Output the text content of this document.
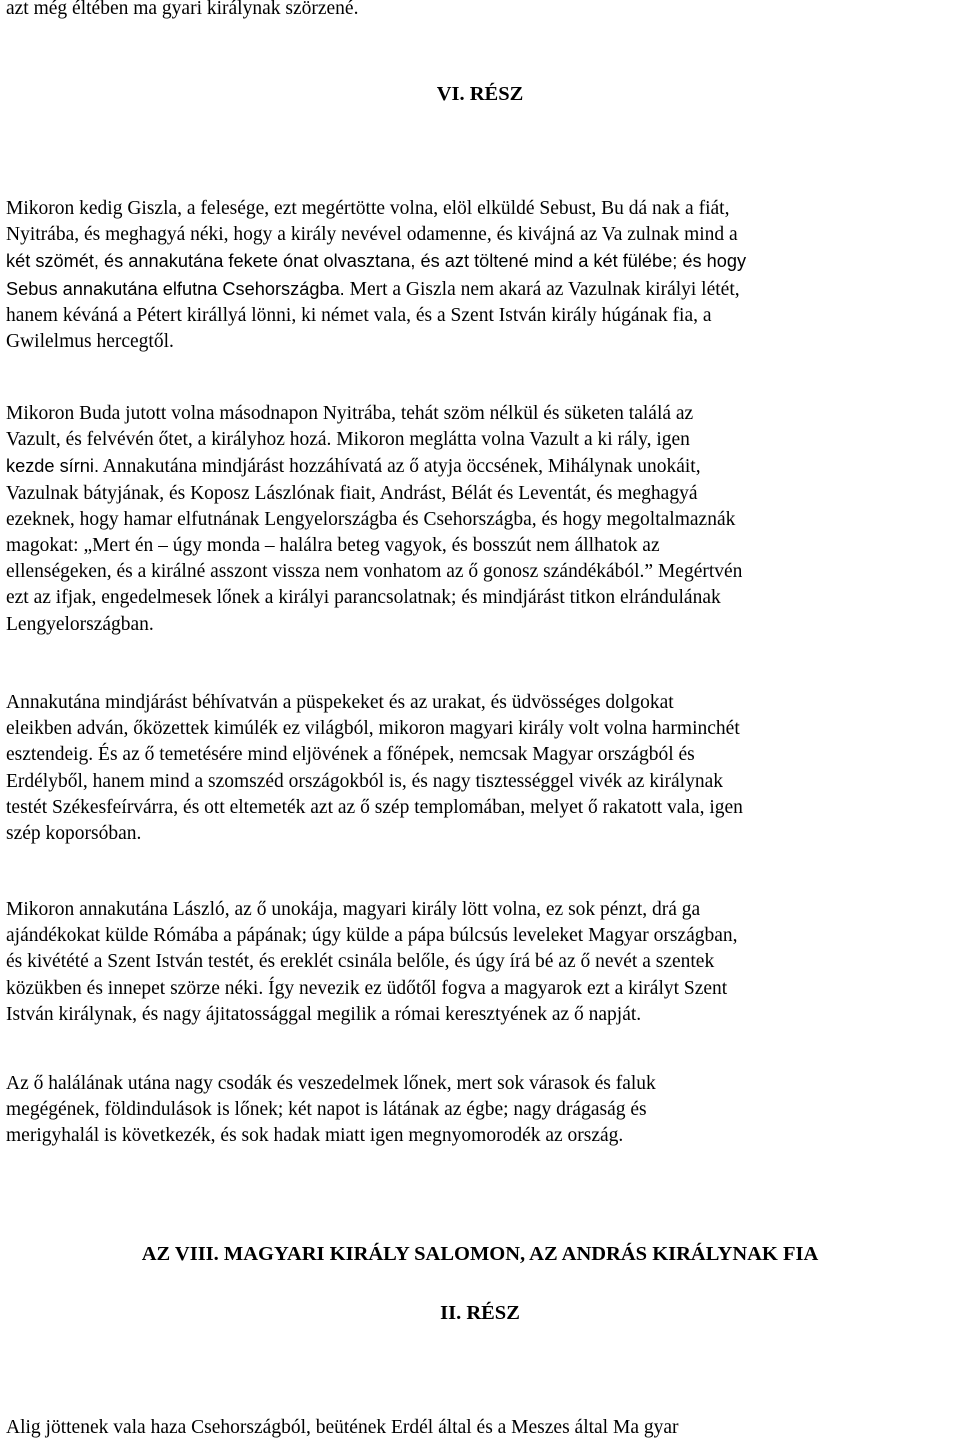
azt még éltében ma gyari királynak szörzené.

VI. RÉSZ
Mikoron kedig Giszla, a felesége, ezt megértötte volna, elöl elküldé Sebust, Bu dá nak a fiát,
Nyitrába, és meghagyá néki, hogy a király nevével odamenne, és kivájná az Va zulnak mind a
két szömét, és annakutána fekete ónat olvasztana, és azt töltené mind a két fülébe; és hogy
Sebus annakutána elfutna Csehországba. Mert a Giszla nem akará az Vazulnak királyi létét,
hanem kéváná a Pétert királlyá lönni, ki német vala, és a Szent István király húgának fia, a
Gwilelmus hercegtől.
Mikoron Buda jutott volna másodnapon Nyitrába, tehát szöm nélkül és süketen találá az
Vazult, és felvévén őtet, a királyhoz hozá. Mikoron meglátta volna Vazult a ki rály, igen
kezde sírni. Annakutána mindjárást hozzáhívatá az ő atyja öccsének, Mihálynak unokáit,
Vazulnak bátyjának, és Koposz Lászlónak fiait, Andrást, Bélát és Leventát, és meghagyá
ezeknek, hogy hamar elfutnának Lengyelországba és Csehországba, és hogy megoltalmaznák
magokat: „Mert én – úgy monda – halálra beteg vagyok, és bosszút nem állhatok az
ellenségeken, és a királné asszont vissza nem vonhatom az ő gonosz szándékából.” Megértvén
ezt az ifjak, engedelmesek lőnek a királyi parancsolatnak; és mindjárást titkon elrándulának
Lengyelországban.
Annakutána mindjárást béhívatván a püspekeket és az urakat, és üdvösséges dolgokat
eleikben adván, őközettek kimúlék ez világból, mikoron magyari király volt volna harminchét
esztendeig. És az ő temetésére mind eljövének a főnépek, nemcsak Magyar országból és
Erdélyből, hanem mind a szomszéd országokból is, és nagy tisztességgel vivék az királynak
testét Székesfeírvárra, és ott eltemeték azt az ő szép templomában, melyet ő rakatott vala, igen
szép koporsóban.
Mikoron annakutána László, az ő unokája, magyari király lött volna, ez sok pénzt, drá ga
ajándékokat külde Rómába a pápának; úgy külde a pápa búlcsús leveleket Magyar országban,
és kivétété a Szent István testét, és ereklét csinála belőle, és úgy írá bé az ő nevét a szentek
közükben és innepet szörze néki. Így nevezik ez üdőtől fogva a magyarok ezt a királyt Szent
István királynak, és nagy ájitatossággal megilik a római keresztyének az ő napját.
Az ő halálának utána nagy csodák és veszedelmek lőnek, mert sok várasok és faluk
megégének, földindulások is lőnek; két napot is látának az égbe; nagy drágaság és
merigyhalál is következék, és sok hadak miatt igen megnyomorodék az ország.
AZ VIII. MAGYARI KIRÁLY SALOMON, AZ ANDRÁS KIRÁLYNAK FIA
II. RÉSZ

Alig jöttenek vala haza Csehországból, beütének Erdél által és a Meszes által Ma gyar
